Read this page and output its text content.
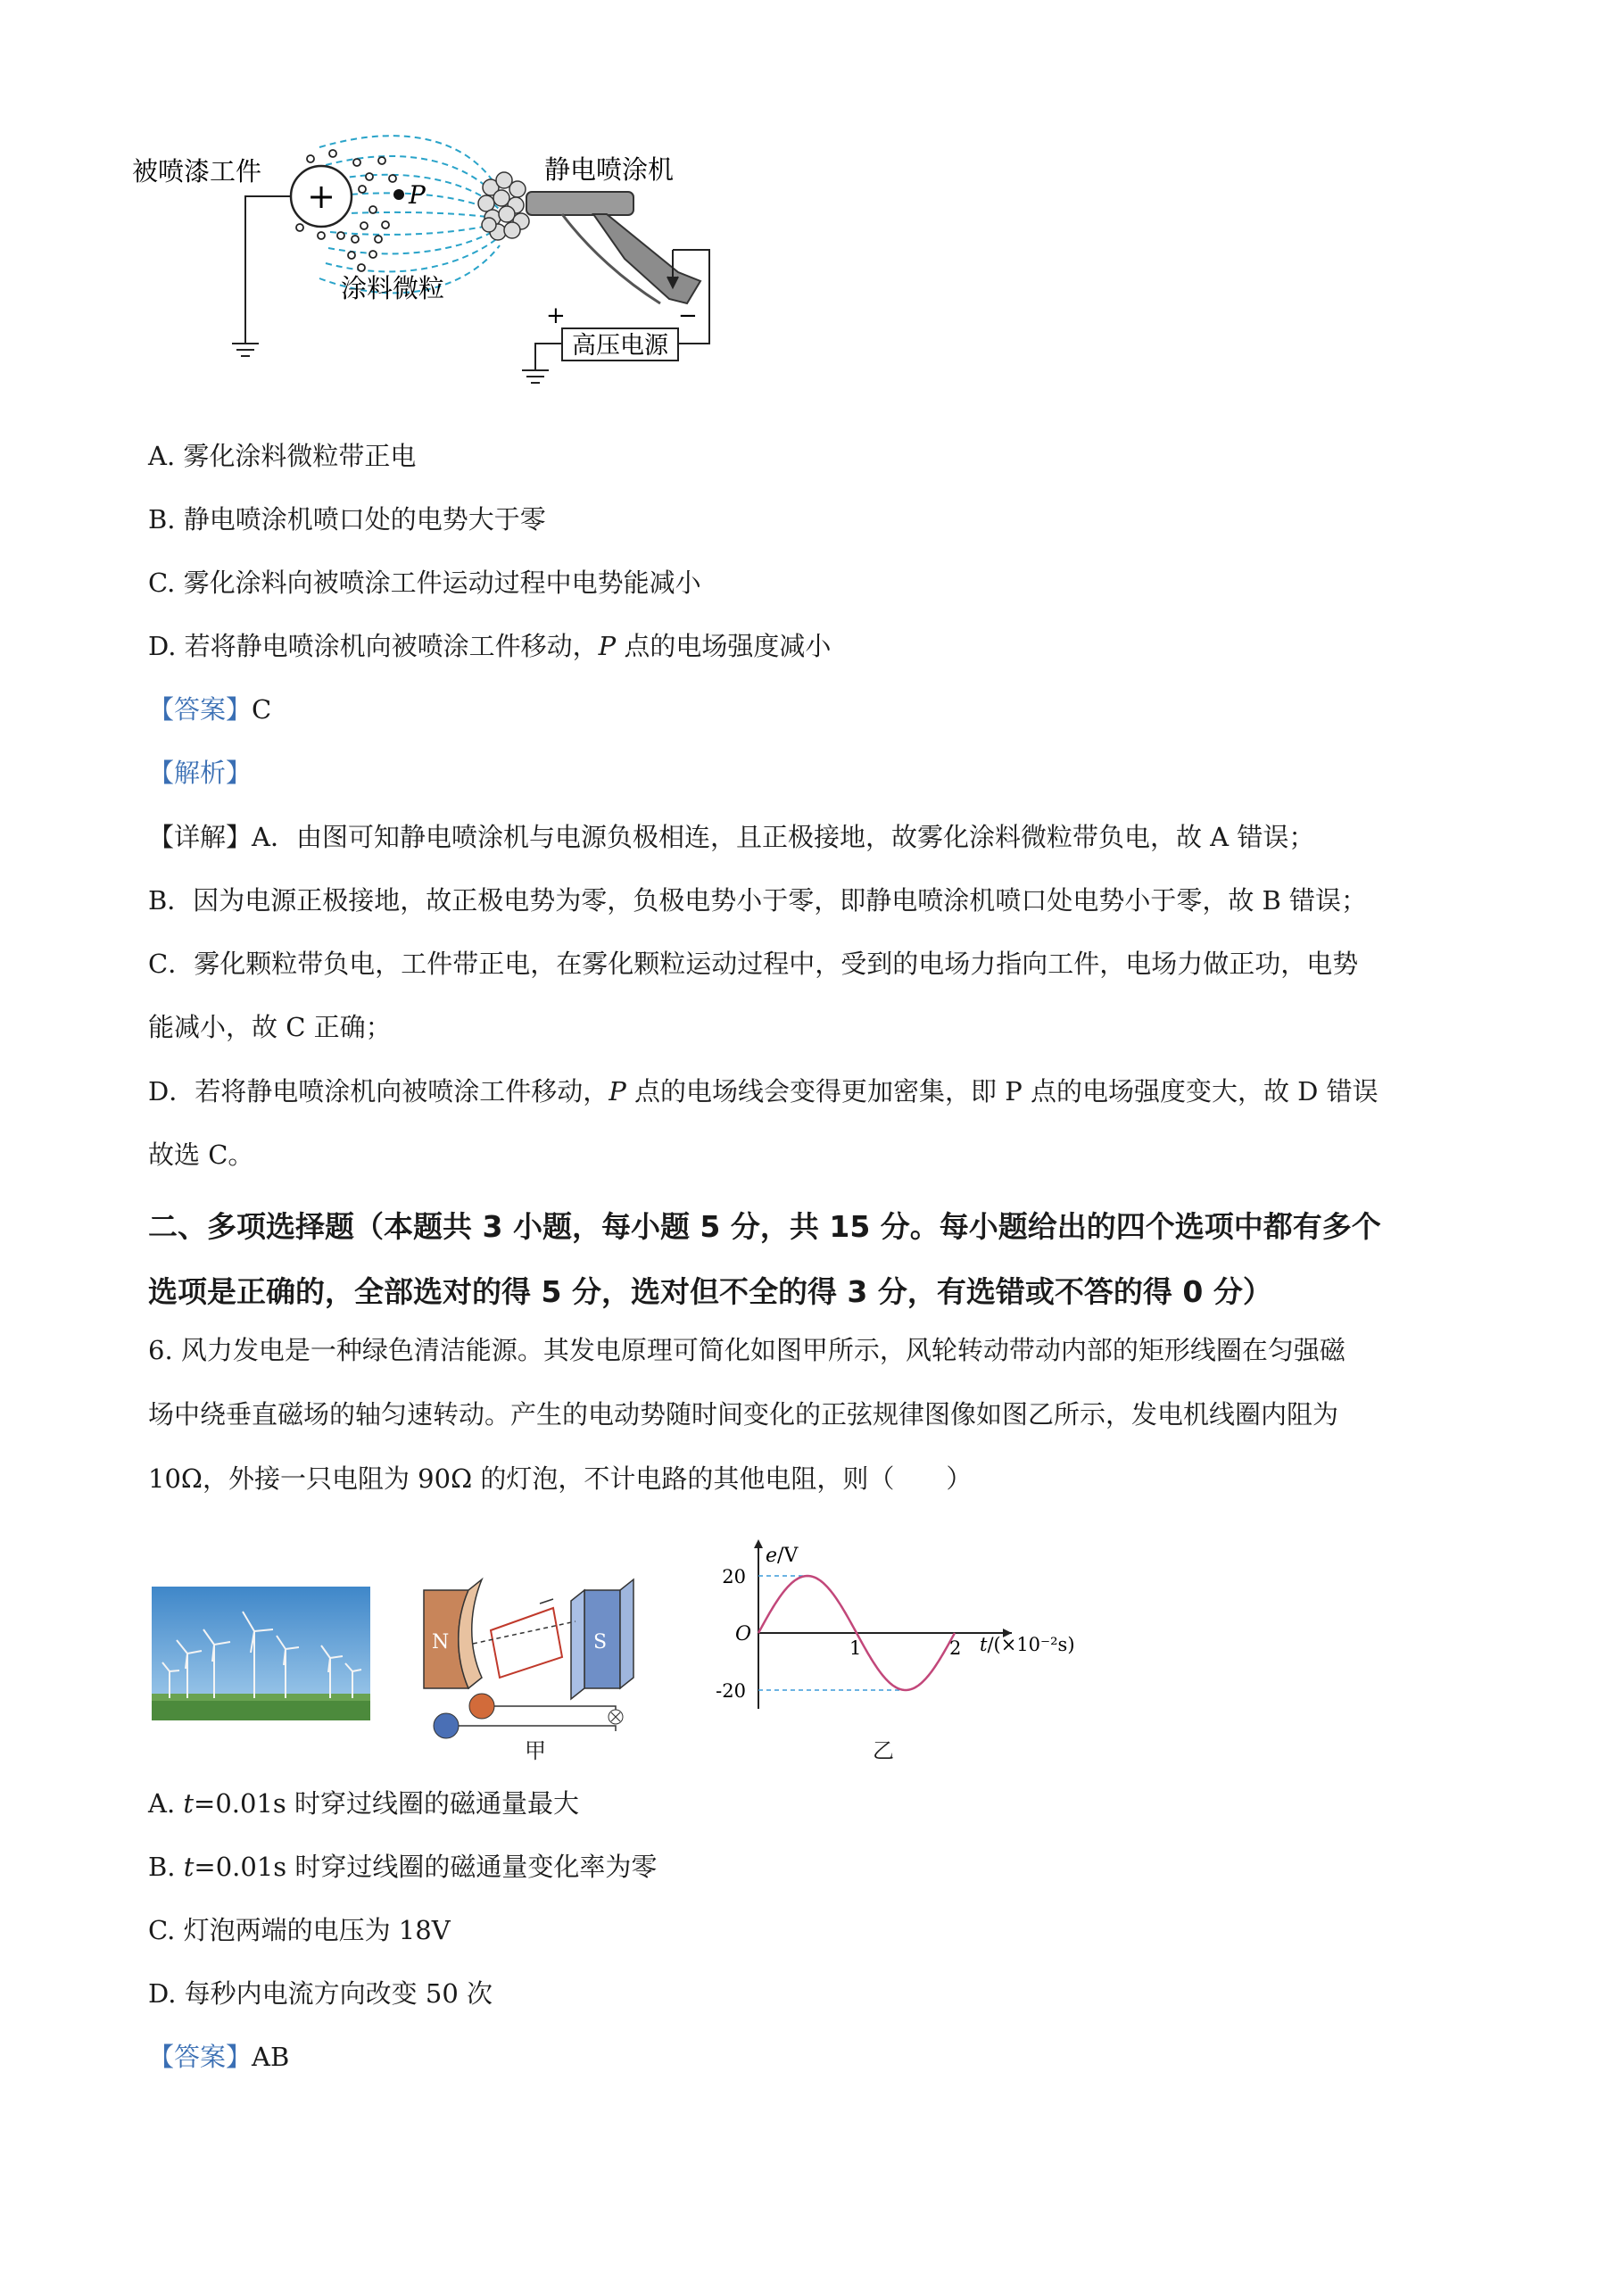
+	P
静电喷涂机
被喷漆工件
涂料微粒
高压电源
+	−
A. 雾化涂料微粒带正电
B. 静电喷涂机喷口处的电势大于零
C. 雾化涂料向被喷涂工件运动过程中电势能减小
D. 若将静电喷涂机向被喷涂工件移动，P 点的电场强度减小
【答案】C
【解析】
【详解】A．由图可知静电喷涂机与电源负极相连，且正极接地，故雾化涂料微粒带负电，故 A 错误；
B．因为电源正极接地，故正极电势为零，负极电势小于零，即静电喷涂机喷口处电势小于零，故 B 错误；
C．雾化颗粒带负电，工件带正电，在雾化颗粒运动过程中，受到的电场力指向工件，电场力做正功，电势
能减小，故 C 正确；
D．若将静电喷涂机向被喷涂工件移动，P 点的电场线会变得更加密集，即 P 点的电场强度变大，故 D 错误
故选 C。
二、多项选择题（本题共 3 小题，每小题 5 分，共 15 分。每小题给出的四个选项中都有多个
选项是正确的，全部选对的得 5 分，选对但不全的得 3 分，有选错或不答的得 0 分）
6. 风力发电是一种绿色清洁能源。其发电原理可简化如图甲所示，风轮转动带动内部的矩形线圈在匀强磁
场中绕垂直磁场的轴匀速转动。产生的电动势随时间变化的正弦规律图像如图乙所示，发电机线圈内阻为
10Ω，外接一只电阻为 90Ω 的灯泡，不计电路的其他电阻，则（　　）
N	S
甲
e/V
t/(×10⁻²s)
O
20
-20
1	2
乙
A. t=0.01s 时穿过线圈的磁通量最大
B. t=0.01s 时穿过线圈的磁通量变化率为零
C. 灯泡两端的电压为 18V
D. 每秒内电流方向改变 50 次
【答案】AB
